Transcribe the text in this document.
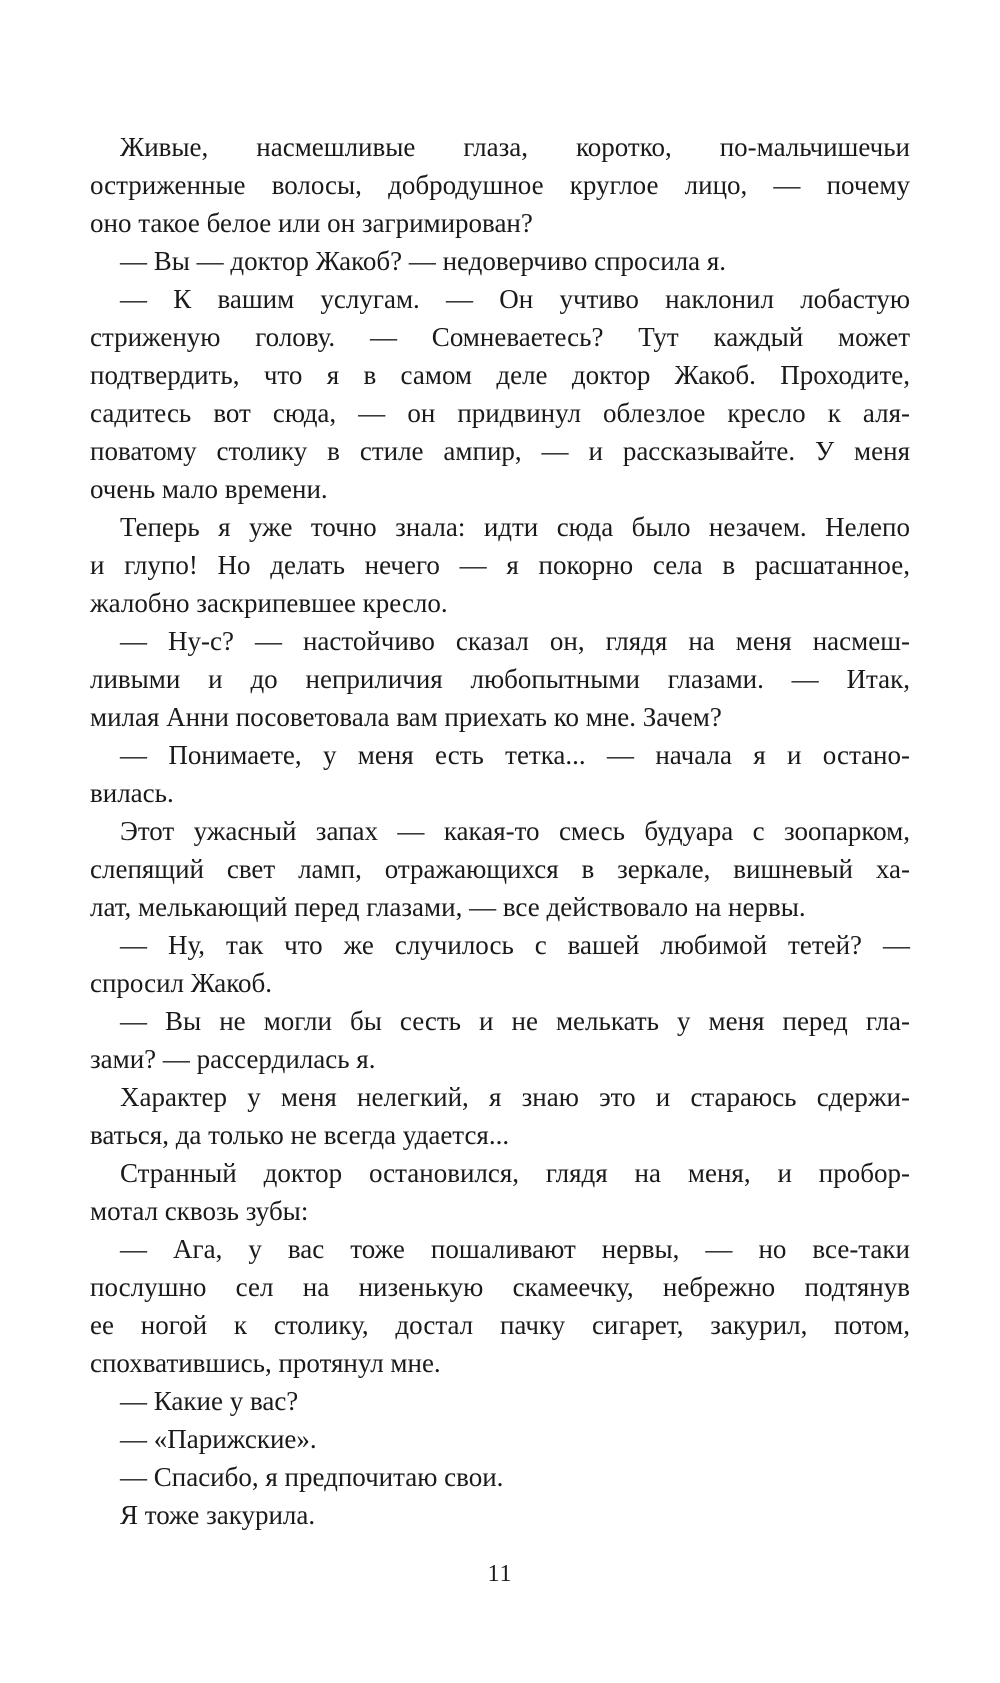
Живые, насмешливые глаза, коротко, по-мальчишечьи
остриженные волосы, добродушное круглое лицо, — почему
оно такое белое или он загримирован?

— Вы — доктор Жакоб? — недоверчиво спросила я.

— К вашим услугам. — Он учтиво наклонил лобастую
стриженую голову. — Сомневаетесь? Тут каждый может
подтвердить, что я в самом деле доктор Жакоб. Проходите,
садитесь вот сюда, — он придвинул облезлое кресло к аля-
поватому столику в стиле ампир, — и рассказывайте. У меня
очень мало времени.

Теперь я уже точно знала: идти сюда было незачем. Нелепо
и глупо! Но делать нечего — я покорно села в расшатанное,
жалобно заскрипевшее кресло.

— Ну-с? — настойчиво сказал он, глядя на меня насмеш-
ливыми и до неприличия любопытными глазами. — Итак,
милая Анни посоветовала вам приехать ко мне. Зачем?

— Понимаете, у меня есть тетка... — начала я и остано-
вилась.

Этот ужасный запах — какая-то смесь будуара с зоопарком,
слепящий свет ламп, отражающихся в зеркале, вишневый ха-
лат, мелькающий перед глазами, — все действовало на нервы.

— Ну, так что же случилось с вашей любимой тетей? —
спросил Жакоб.

— Вы не могли бы сесть и не мелькать у меня перед гла-
зами? — рассердилась я.

Характер у меня нелегкий, я знаю это и стараюсь сдержи-
ваться, да только не всегда удается...

Странный доктор остановился, глядя на меня, и пробор-
мотал сквозь зубы:

— Ага, у вас тоже пошаливают нервы, — но все-таки
послушно сел на низенькую скамеечку, небрежно подтянув
ее ногой к столику, достал пачку сигарет, закурил, потом,
спохватившись, протянул мне.

— Какие у вас?

— «Парижские».

— Спасибо, я предпочитаю свои.

Я тоже закурила.

11
